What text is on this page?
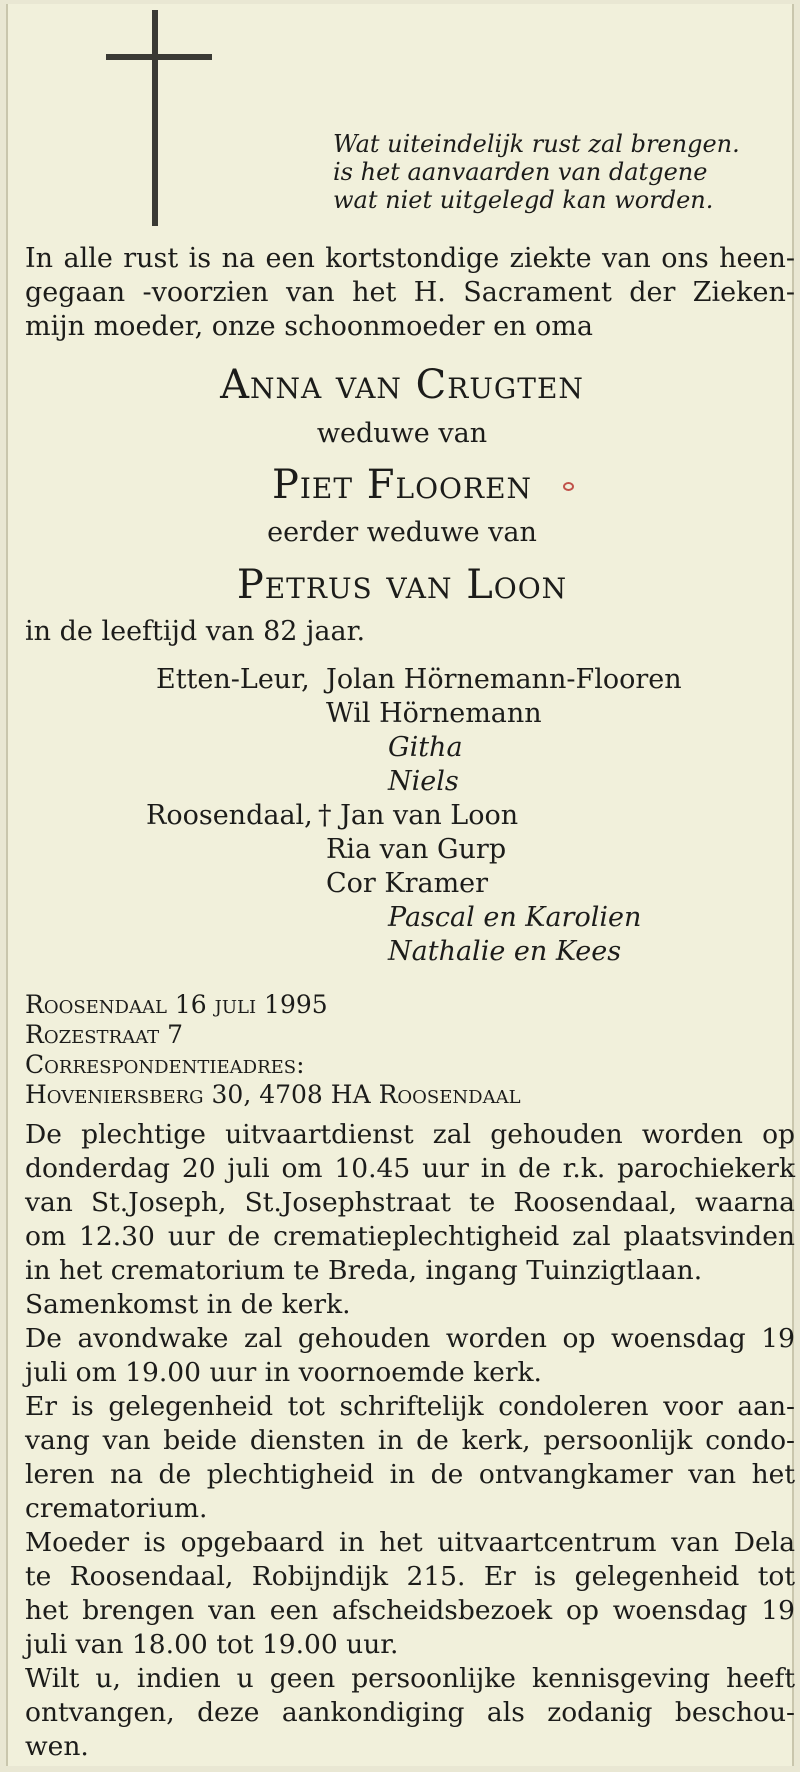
Wat uiteindelijk rust zal brengen.
is het aanvaarden van datgene
wat niet uitgelegd kan worden.
In alle rust is na een kortstondige ziekte van ons heen-
gegaan -voorzien van het H. Sacrament der Zieken-
mijn moeder, onze schoonmoeder en oma
Anna van Crugten
weduwe van
Piet Flooren
eerder weduwe van
Petrus van Loon
in de leeftijd van 82 jaar.
Etten-Leur, Jolan Hörnemann-Flooren
Wil Hörnemann
Githa
Niels
Roosendaal, † Jan van Loon
Ria van Gurp
Cor Kramer
Pascal en Karolien
Nathalie en Kees
Roosendaal 16 juli 1995
Rozestraat 7
Correspondentieadres:
Hoveniersberg 30, 4708 HA Roosendaal
De plechtige uitvaartdienst zal gehouden worden op
donderdag 20 juli om 10.45 uur in de r.k. parochiekerk
van St.Joseph, St.Josephstraat te Roosendaal, waarna
om 12.30 uur de crematieplechtigheid zal plaatsvinden
in het crematorium te Breda, ingang Tuinzigtlaan.
Samenkomst in de kerk.
De avondwake zal gehouden worden op woensdag 19
juli om 19.00 uur in voornoemde kerk.
Er is gelegenheid tot schriftelijk condoleren voor aan-
vang van beide diensten in de kerk, persoonlijk condo-
leren na de plechtigheid in de ontvangkamer van het
crematorium.
Moeder is opgebaard in het uitvaartcentrum van Dela
te Roosendaal, Robijndijk 215. Er is gelegenheid tot
het brengen van een afscheidsbezoek op woensdag 19
juli van 18.00 tot 19.00 uur.
Wilt u, indien u geen persoonlijke kennisgeving heeft
ontvangen, deze aankondiging als zodanig beschou-
wen.
